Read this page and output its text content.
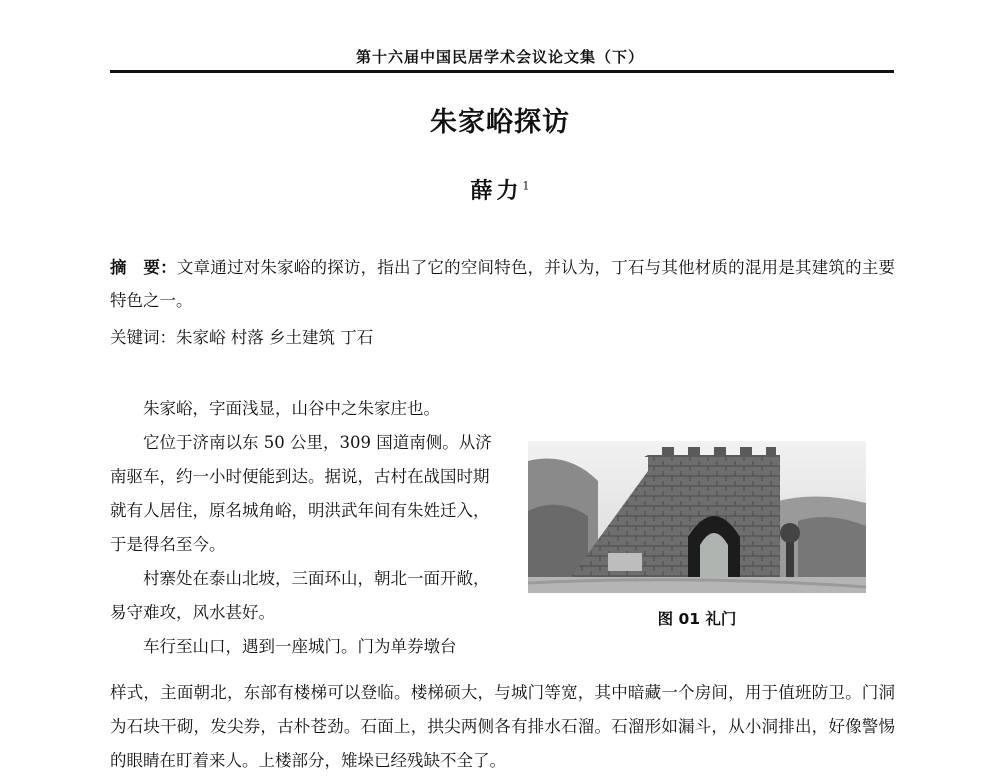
第十六届中国民居学术会议论文集（下）
朱家峪探访
薛力$^1$
摘　要：文章通过对朱家峪的探访，指出了它的空间特色，并认为，丁石与其他材质的混用是其建筑的主要特色之一。
关键词：朱家峪 村落 乡土建筑 丁石

朱家峪，字面浅显，山谷中之朱家庄也。

它位于济南以东 50 公里，309 国道南侧。从济南驱车，约一小时便能到达。据说，古村在战国时期就有人居住，原名城角峪，明洪武年间有朱姓迁入，于是得名至今。

村寨处在泰山北坡，三面环山，朝北一面开敞，易守难攻，风水甚好。

车行至山口，遇到一座城门。门为单券墩台

样式，主面朝北，东部有楼梯可以登临。楼梯硕大，与城门等宽，其中暗藏一个房间，用于值班防卫。门洞为石块干砌，发尖券，古朴苍劲。石面上，拱尖两侧各有排水石溜。石溜形如漏斗，从小洞排出，好像警惕的眼睛在盯着来人。上楼部分，雉垛已经残缺不全了。

图 01 礼门
